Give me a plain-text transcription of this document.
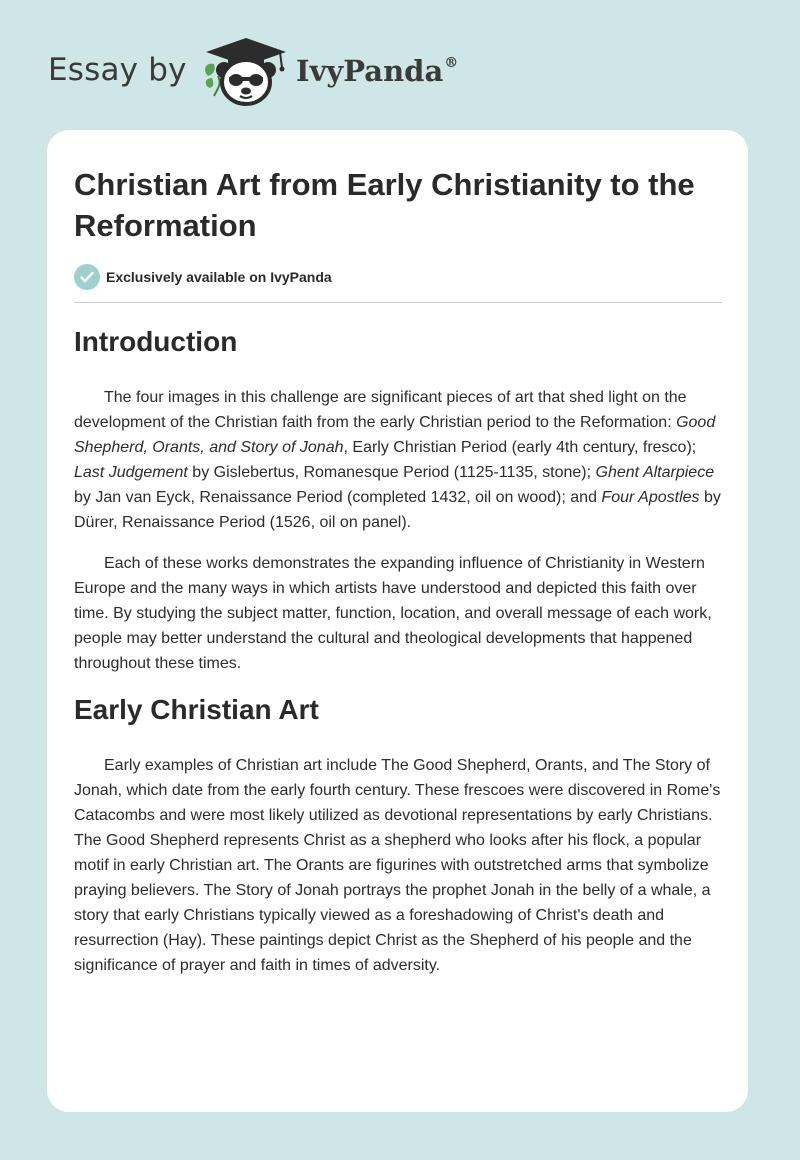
Essay by	IvyPanda®
Christian Art from Early Christianity to the Reformation
Exclusively available on IvyPanda
Introduction

The four images in this challenge are significant pieces of art that shed light on the development of the Christian faith from the early Christian period to the Reformation: Good Shepherd, Orants, and Story of Jonah, Early Christian Period (early 4th century, fresco); Last Judgement by Gislebertus, Romanesque Period (1125-1135, stone); Ghent Altarpiece by Jan van Eyck, Renaissance Period (completed 1432, oil on wood); and Four Apostles by Dürer, Renaissance Period (1526, oil on panel).

Each of these works demonstrates the expanding influence of Christianity in Western Europe and the many ways in which artists have understood and depicted this faith over time. By studying the subject matter, function, location, and overall message of each work, people may better understand the cultural and theological developments that happened throughout these times.

Early Christian Art

Early examples of Christian art include The Good Shepherd, Orants, and The Story of Jonah, which date from the early fourth century. These frescoes were discovered in Rome's Catacombs and were most likely utilized as devotional representations by early Christians. The Good Shepherd represents Christ as a shepherd who looks after his flock, a popular motif in early Christian art. The Orants are figurines with outstretched arms that symbolize praying believers. The Story of Jonah portrays the prophet Jonah in the belly of a whale, a story that early Christians typically viewed as a foreshadowing of Christ's death and resurrection (Hay). These paintings depict Christ as the Shepherd of his people and the significance of prayer and faith in times of adversity.
